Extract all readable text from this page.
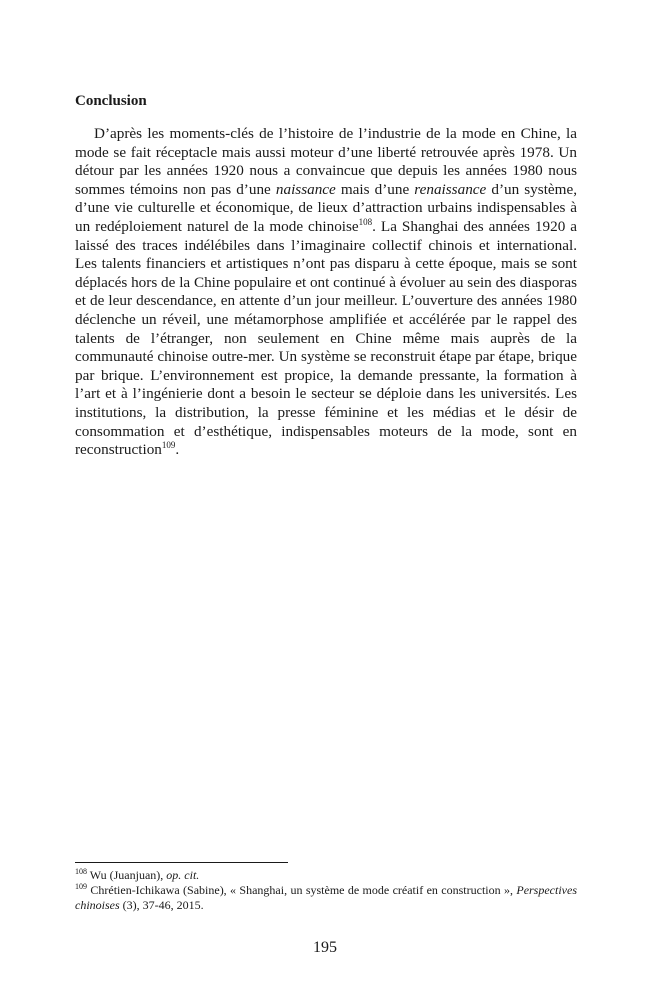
Conclusion

D’après les moments-clés de l’histoire de l’industrie de la mode en Chine, la mode se fait réceptacle mais aussi moteur d’une liberté retrouvée après 1978. Un détour par les années 1920 nous a convaincue que depuis les années 1980 nous sommes témoins non pas d’une naissance mais d’une renaissance d’un système, d’une vie culturelle et économique, de lieux d’attraction urbains indispensables à un redéploiement naturel de la mode chinoise$^{108}$. La Shanghai des années 1920 a laissé des traces indélébiles dans l’imaginaire collectif chinois et international. Les talents financiers et artistiques n’ont pas disparu à cette époque, mais se sont déplacés hors de la Chine populaire et ont continué à évoluer au sein des diasporas et de leur descendance, en attente d’un jour meilleur. L’ouverture des années 1980 déclenche un réveil, une métamorphose amplifiée et accélérée par le rappel des talents de l’étranger, non seulement en Chine même mais auprès de la communauté chinoise outre-mer. Un système se reconstruit étape par étape, brique par brique. L’environnement est propice, la demande pressante, la formation à l’art et à l’ingénierie dont a besoin le secteur se déploie dans les universités. Les institutions, la distribution, la presse féminine et les médias et le désir de consommation et d’esthétique, indispensables moteurs de la mode, sont en reconstruction$^{109}$.

$^{108}$ Wu (Juanjuan), op. cit.

$^{109}$ Chrétien-Ichikawa (Sabine), « Shanghai, un système de mode créatif en construction », Perspectives chinoises (3), 37-46, 2015.

195
